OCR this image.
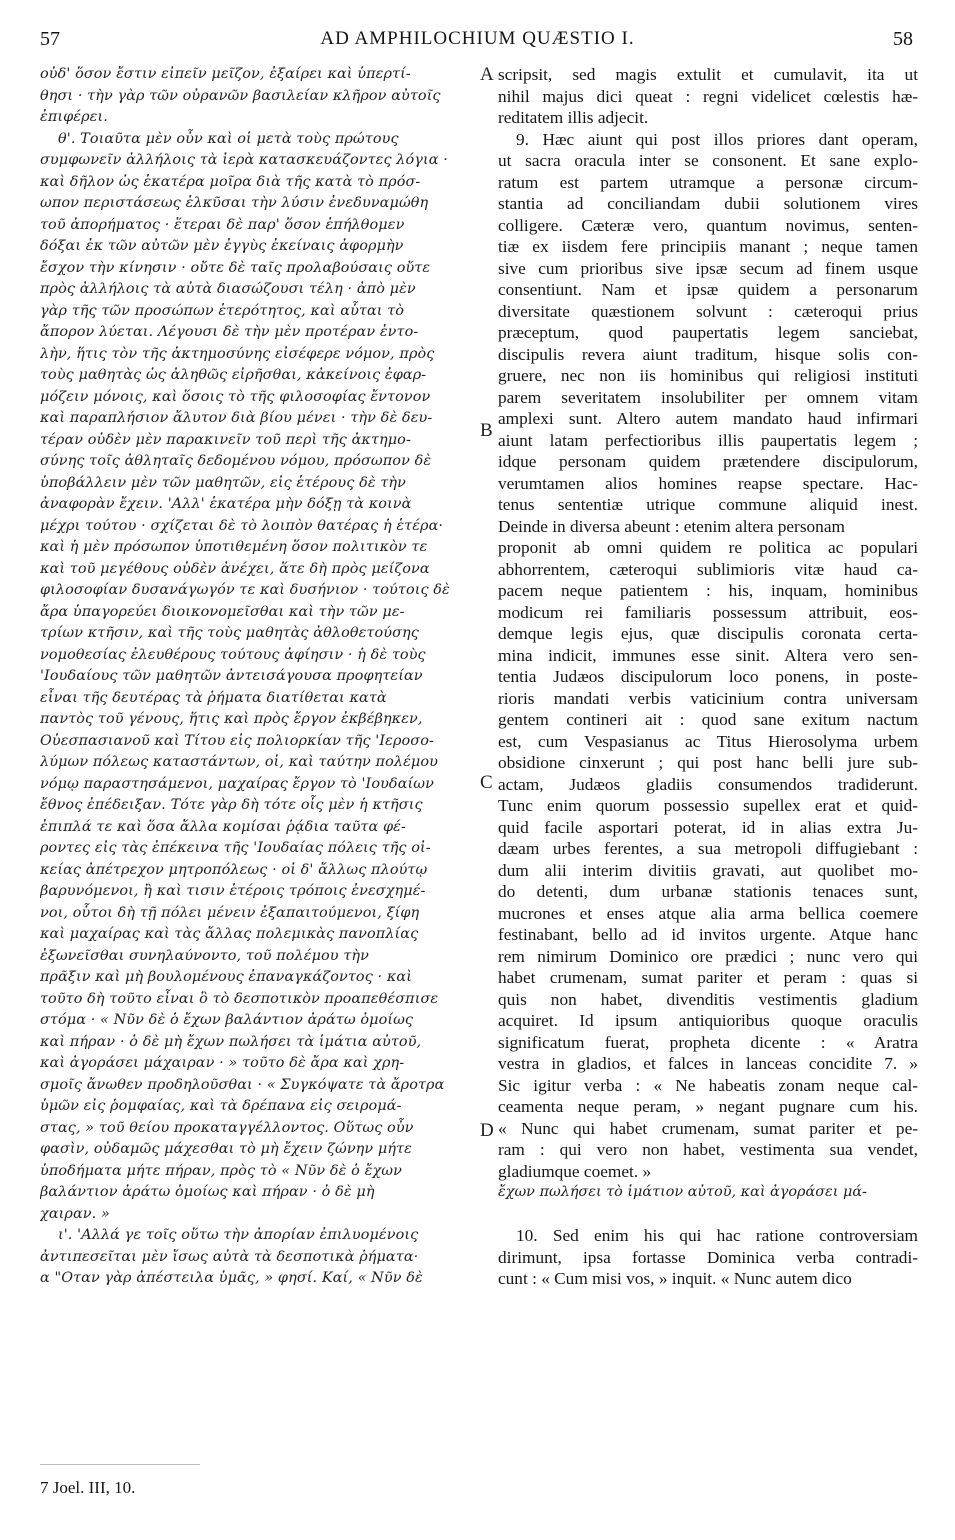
57	AD AMPHILOCHIUM QUÆSTIO I.	58
οὐδ' ὅσον ἔστιν εἰπεῖν μεῖζον, ἐξαίρει καὶ ὑπερτί-
θησι · τὴν γὰρ τῶν οὐρανῶν βασιλείαν κλῆρον αὐτοῖς
ἐπιφέρει.
θ'. Τοιαῦτα μὲν οὖν καὶ οἱ μετὰ τοὺς πρώτους
συμφωνεῖν ἀλλήλοις τὰ ἱερὰ κατασκευάζοντες λόγια ·
καὶ δῆλον ὡς ἑκατέρα μοῖρα διὰ τῆς κατὰ τὸ πρόσ-
ωπον περιστάσεως ἑλκῦσαι τὴν λύσιν ἐνεδυναμώθη
τοῦ ἀπορήματος · ἕτεραι δὲ παρ' ὅσον ἐπήλθομεν
δόξαι ἐκ τῶν αὐτῶν μὲν ἐγγὺς ἐκείναις ἀφορμὴν
ἔσχον τὴν κίνησιν · οὔτε δὲ ταῖς προλαβούσαις οὔτε
πρὸς ἀλλήλοις τὰ αὐτὰ διασώζουσι τέλη · ἀπὸ μὲν
γὰρ τῆς τῶν προσώπων ἑτερότητος, καὶ αὗται τὸ
ἄπορον λύεται. Λέγουσι δὲ τὴν μὲν προτέραν ἐντο-
λὴν, ἥτις τὸν τῆς ἀκτημοσύνης εἰσέφερε νόμον, πρὸς
τοὺς μαθητὰς ὡς ἀληθῶς εἰρῆσθαι, κἀκείνοις ἐφαρ-
μόζειν μόνοις, καὶ ὅσοις τὸ τῆς φιλοσοφίας ἔντονον
καὶ παραπλήσιον ἄλυτον διὰ βίου μένει · τὴν δὲ δευ-
τέραν οὐδὲν μὲν παρακινεῖν τοῦ περὶ τῆς ἀκτημο-
σύνης τοῖς ἀθληταῖς δεδομένου νόμου, πρόσωπον δὲ
ὑποβάλλειν μὲν τῶν μαθητῶν, εἰς ἑτέρους δὲ τὴν
ἀναφορὰν ἔχειν. 'Αλλ' ἑκατέρα μὴν δόξῃ τὰ κοινὰ
μέχρι τούτου · σχίζεται δὲ τὸ λοιπὸν θατέρας ἡ ἑτέρα·
καὶ ἡ μὲν πρόσωπον ὑποτιθεμένη ὅσον πολιτικὸν τε
καὶ τοῦ μεγέθους οὐδὲν ἀνέχει, ἅτε δὴ πρὸς μείζονα
φιλοσοφίαν δυσανάγωγόν τε καὶ δυσήνιον · τούτοις δὲ
ἄρα ὑπαγορεύει διοικονομεῖσθαι καὶ τὴν τῶν με-
τρίων κτῆσιν, καὶ τῆς τοὺς μαθητὰς ἀθλοθετούσης
νομοθεσίας ἐλευθέρους τούτους ἀφίησιν · ἡ δὲ τοὺς
'Ιουδαίους τῶν μαθητῶν ἀντεισάγουσα προφητείαν
εἶναι τῆς δευτέρας τὰ ῥήματα διατίθεται κατὰ
παντὸς τοῦ γένους, ἥτις καὶ πρὸς ἔργον ἐκβέβηκεν,
Οὐεσπασιανοῦ καὶ Τίτου εἰς πολιορκίαν τῆς 'Ιεροσο-
λύμων πόλεως καταστάντων, οἱ, καὶ ταύτην πολέμου
νόμῳ παραστησάμενοι, μαχαίρας ἔργον τὸ 'Ιουδαίων
ἔθνος ἐπέδειξαν. Τότε γὰρ δὴ τότε οἷς μὲν ἡ κτῆσις
ἐπιπλά τε καὶ ὅσα ἄλλα κομίσαι ῥᾴδια ταῦτα φέ-
ροντες εἰς τὰς ἐπέκεινα τῆς 'Ιουδαίας πόλεις τῆς οἰ-
κείας ἀπέτρεχον μητροπόλεως · οἱ δ' ἄλλως πλούτῳ
βαρυνόμενοι, ἢ καὶ τισιν ἑτέροις τρόποις ἐνεσχημέ-
νοι, οὗτοι δὴ τῇ πόλει μένειν ἐξαπαιτούμενοι, ξίφη
καὶ μαχαίρας καὶ τὰς ἄλλας πολεμικὰς πανοπλίας
ἐξωνεῖσθαι συνηλαύνοντο, τοῦ πολέμου τὴν
πρᾶξιν καὶ μὴ βουλομένους ἐπαναγκάζοντος · καὶ
τοῦτο δὴ τοῦτο εἶναι ὃ τὸ δεσποτικὸν προαπεθέσπισε
στόμα · « Νῦν δὲ ὁ ἔχων βαλάντιον ἀράτω ὁμοίως
καὶ πήραν · ὁ δὲ μὴ ἔχων πωλήσει τὰ ἱμάτια αὐτοῦ,
καὶ ἀγοράσει μάχαιραν · » τοῦτο δὲ ἄρα καὶ χρη-
σμοῖς ἄνωθεν προδηλοῦσθαι · « Συγκόψατε τὰ ἄροτρα
ὑμῶν εἰς ῥομφαίας, καὶ τὰ δρέπανα εἰς σειρομά-
στας, » τοῦ θείου προκαταγγέλλοντος. Οὕτως οὖν
φασὶν, οὐδαμῶς μάχεσθαι τὸ μὴ ἔχειν ζώνην μήτε
ὑποδήματα μήτε πήραν, πρὸς τὸ « Νῦν δὲ ὁ ἔχων
βαλάντιον ἀράτω ὁμοίως καὶ πήραν · ὁ δὲ μὴ
χαιραν. »
ι'. 'Αλλά γε τοῖς οὕτω τὴν ἀπορίαν ἐπιλυομένοις
ἀντιπεσεῖται μὲν ἴσως αὐτὰ τὰ δεσποτικὰ ῥήματα·
α "Οταν γὰρ ἀπέστειλα ὑμᾶς, » φησί. Καί, « Νῦν δὲ
scripsit, sed magis extulit et cumulavit, ita ut
nihil majus dici queat : regni videlicet cœlestis hæ-
reditatem illis adjecit.
9. Hæc aiunt qui post illos priores dant operam,
ut sacra oracula inter se consonent. Et sane explo-
ratum est partem utramque a personæ circum-
stantia ad conciliandam dubii solutionem vires
colligere. Cæteræ vero, quantum novimus, senten-
tiæ ex iisdem fere principiis manant ; neque tamen
sive cum prioribus sive ipsæ secum ad finem usque
consentiunt. Nam et ipsæ quidem a personarum
diversitate quæstionem solvunt : cæteroqui prius
præceptum, quod paupertatis legem sanciebat,
discipulis revera aiunt traditum, hisque solis con-
gruere, nec non iis hominibus qui religiosi instituti
parem severitatem insolubiliter per omnem vitam
amplexi sunt. Altero autem mandato haud infirmari
aiunt latam perfectioribus illis paupertatis legem ;
idque personam quidem prætendere discipulorum,
verumtamen alios homines reapse spectare. Hac-
tenus sententiæ utrique commune aliquid inest.
Deinde in diversa abeunt : etenim altera personam
proponit ab omni quidem re politica ac populari
abhorrentem, cæteroqui sublimioris vitæ haud ca-
pacem neque patientem : his, inquam, hominibus
modicum rei familiaris possessum attribuit, eos-
demque legis ejus, quæ discipulis coronata certa-
mina indicit, immunes esse sinit. Altera vero sen-
tentia Judæos discipulorum loco ponens, in poste-
rioris mandati verbis vaticinium contra universam
gentem contineri ait : quod sane exitum nactum
est, cum Vespasianus ac Titus Hierosolyma urbem
obsidione cinxerunt ; qui post hanc belli jure sub-
actam, Judæos gladiis consumendos tradiderunt.
Tunc enim quorum possessio supellex erat et quid-
quid facile asportari poterat, id in alias extra Ju-
dæam urbes ferentes, a sua metropoli diffugiebant :
dum alii interim divitiis gravati, aut quolibet mo-
do detenti, dum urbanæ stationis tenaces sunt,
mucrones et enses atque alia arma bellica coemere
festinabant, bello ad id invitos urgente. Atque hanc
rem nimirum Dominico ore prædici ; nunc vero qui
habet crumenam, sumat pariter et peram : quas si
quis non habet, divenditis vestimentis gladium
acquiret. Id ipsum antiquioribus quoque oraculis
significatum fuerat, propheta dicente : « Aratra
vestra in gladios, et falces in lanceas concidite 7. »
Sic igitur verba : « Ne habeatis zonam neque cal-
ceamenta neque peram, » negant pugnare cum his.
« Nunc qui habet crumenam, sumat pariter et pe-
ram : qui vero non habet, vestimenta sua vendet,
gladiumque coemet. »
ἔχων πωλήσει τὸ ἱμάτιον αὐτοῦ, καὶ ἀγοράσει μά-
10. Sed enim his qui hac ratione controversiam
dirimunt, ipsa fortasse Dominica verba contradi-
cunt : « Cum misi vos, » inquit. « Nunc autem dico
A
B
C
D
7 Joel. III, 10.
